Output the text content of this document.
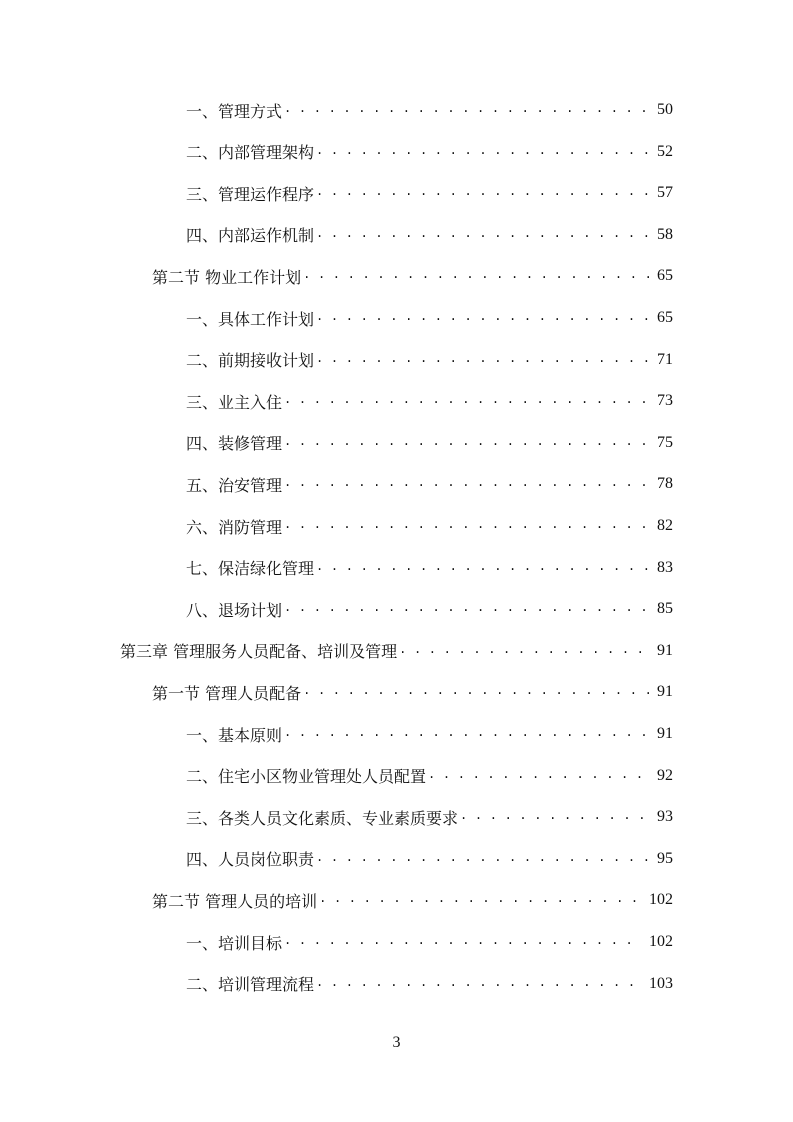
一、管理方式 . . .	50
二、内部管理架构 . . .	52
三、管理运作程序 . . .	57
四、内部运作机制 . . .	58
第二节 物业工作计划 . . .	65
一、具体工作计划 . . .	65
二、前期接收计划 . . .	71
三、业主入住 . . .	73
四、装修管理 . . .	75
五、治安管理 . . .	78
六、消防管理 . . .	82
七、保洁绿化管理 . . .	83
八、退场计划 . . .	85
第三章 管理服务人员配备、培训及管理 . . .	91
第一节 管理人员配备 . . .	91
一、基本原则 . . .	91
二、住宅小区物业管理处人员配置 . . .	92
三、各类人员文化素质、专业素质要求 . . .	93
四、人员岗位职责 . . .	95
第二节 管理人员的培训 . . .	102
一、培训目标 . . .	102
二、培训管理流程 . . .	103
3
